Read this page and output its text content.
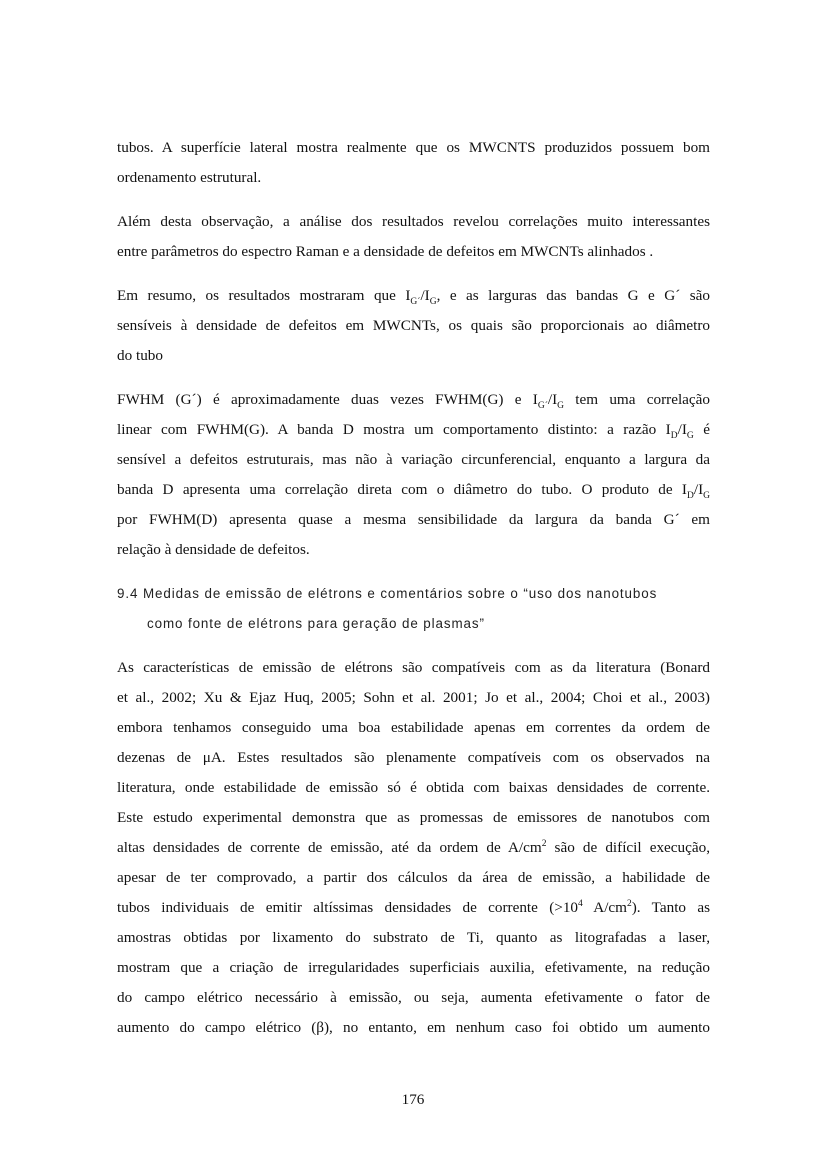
tubos. A superfície lateral mostra realmente que os MWCNTS produzidos possuem bom
ordenamento estrutural.

Além desta observação, a análise dos resultados revelou correlações muito interessantes
entre parâmetros do espectro Raman e a densidade de defeitos em MWCNTs alinhados .

Em resumo, os resultados mostraram que $I_{G´}/I_G$, e as larguras das bandas G e G´ são
sensíveis à densidade de defeitos em MWCNTs, os quais são proporcionais ao diâmetro
do tubo

FWHM (G´) é aproximadamente duas vezes FWHM(G) e $I_{G´}/I_G$ tem uma correlação
linear com FWHM(G). A banda D mostra um comportamento distinto: a razão $I_D/I_G$ é
sensível a defeitos estruturais, mas não à variação circunferencial, enquanto a largura da
banda D apresenta uma correlação direta com o diâmetro do tubo. O produto de $I_D/I_G$
por FWHM(D) apresenta quase a mesma sensibilidade da largura da banda G´ em
relação à densidade de defeitos.

9.4 Medidas de emissão de elétrons e comentários sobre o “uso dos nanotubos
como fonte de elétrons para geração de plasmas”

As características de emissão de elétrons são compatíveis com as da literatura (Bonard
et al., 2002; Xu & Ejaz Huq, 2005; Sohn et al. 2001; Jo et al., 2004; Choi et al., 2003)
embora tenhamos conseguido uma boa estabilidade apenas em correntes da ordem de
dezenas de μA. Estes resultados são plenamente compatíveis com os observados na
literatura, onde estabilidade de emissão só é obtida com baixas densidades de corrente.
Este estudo experimental demonstra que as promessas de emissores de nanotubos com
altas densidades de corrente de emissão, até da ordem de $A/cm^2$ são de difícil execução,
apesar de ter comprovado, a partir dos cálculos da área de emissão, a habilidade de
tubos individuais de emitir altíssimas densidades de corrente ($>10^4$ $A/cm^2$). Tanto as
amostras obtidas por lixamento do substrato de Ti, quanto as litografadas a laser,
mostram que a criação de irregularidades superficiais auxilia, efetivamente, na redução
do campo elétrico necessário à emissão, ou seja, aumenta efetivamente o fator de
aumento do campo elétrico (β), no entanto, em nenhum caso foi obtido um aumento

176
